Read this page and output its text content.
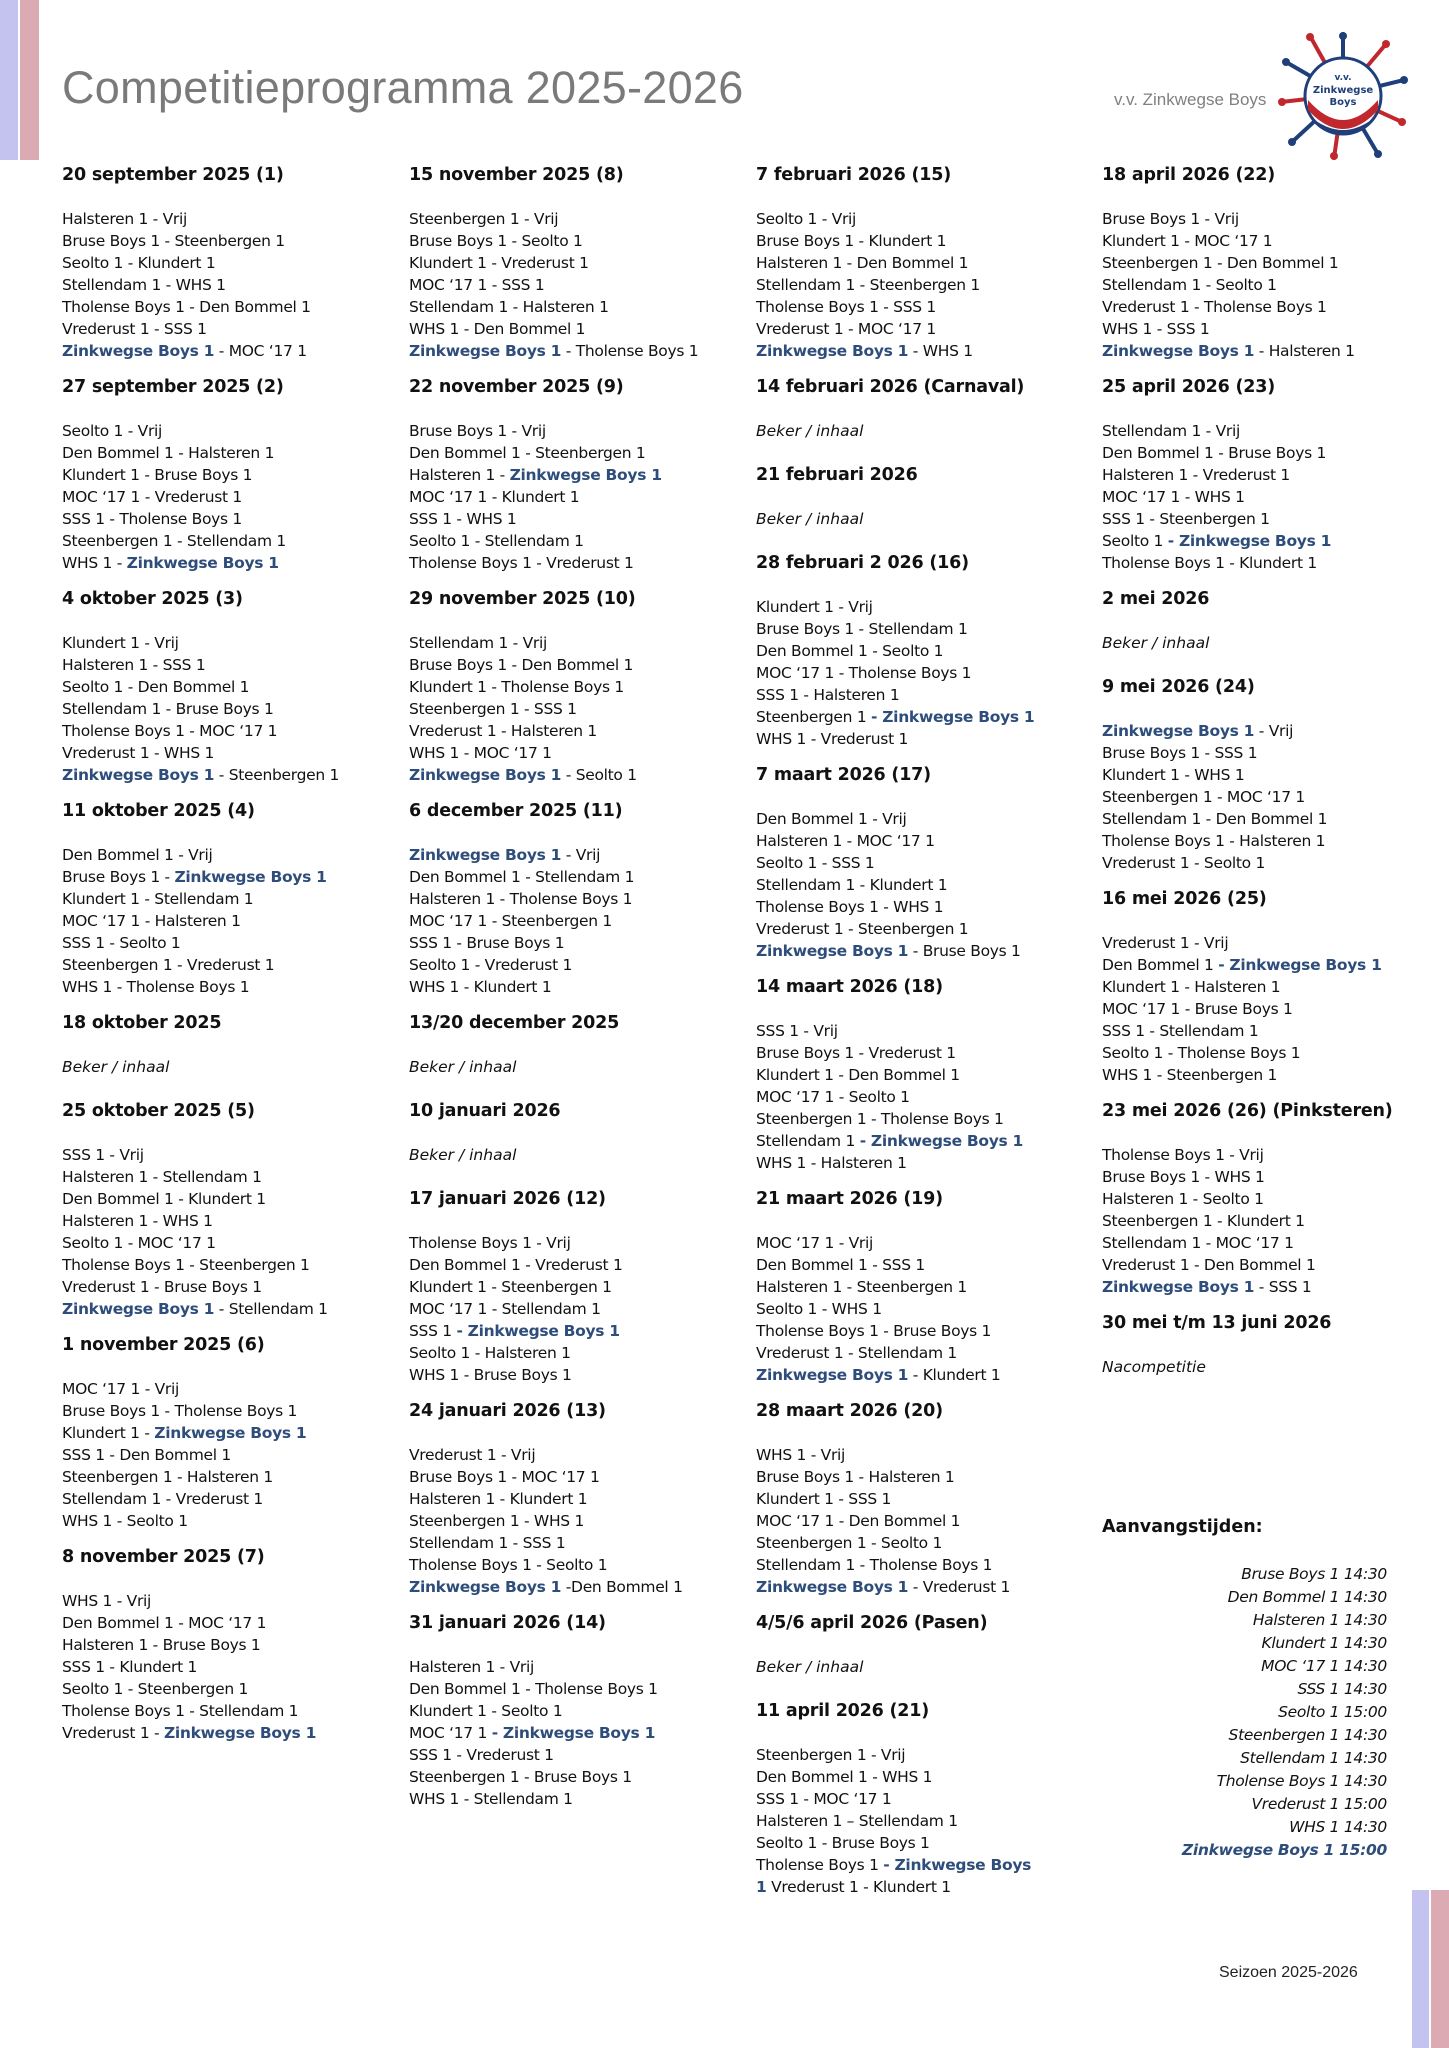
Competitieprogramma 2025-2026	v.v. Zinkwegse Boys
v.v.
Zinkwegse
Boys
20 september 2025 (1)
Halsteren 1 - Vrij
Bruse Boys 1 - Steenbergen 1
Seolto 1 - Klundert 1
Stellendam 1 - WHS 1
Tholense Boys 1 - Den Bommel 1
Vrederust 1 - SSS 1
Zinkwegse Boys 1 - MOC ‘17 1
27 september 2025 (2)
Seolto 1 - Vrij
Den Bommel 1 - Halsteren 1
Klundert 1 - Bruse Boys 1
MOC ‘17 1 - Vrederust 1
SSS 1 - Tholense Boys 1
Steenbergen 1 - Stellendam 1
WHS 1 - Zinkwegse Boys 1
4 oktober 2025 (3)
Klundert 1 - Vrij
Halsteren 1 - SSS 1
Seolto 1 - Den Bommel 1
Stellendam 1 - Bruse Boys 1
Tholense Boys 1 - MOC ‘17 1
Vrederust 1 - WHS 1
Zinkwegse Boys 1 - Steenbergen 1
11 oktober 2025 (4)
Den Bommel 1 - Vrij
Bruse Boys 1 - Zinkwegse Boys 1
Klundert 1 - Stellendam 1
MOC ‘17 1 - Halsteren 1
SSS 1 - Seolto 1
Steenbergen 1 - Vrederust 1
WHS 1 - Tholense Boys 1
18 oktober 2025
Beker / inhaal
25 oktober 2025 (5)
SSS 1 - Vrij
Halsteren 1 - Stellendam 1
Den Bommel 1 - Klundert 1
Halsteren 1 - WHS 1
Seolto 1 - MOC ‘17 1
Tholense Boys 1 - Steenbergen 1
Vrederust 1 - Bruse Boys 1
Zinkwegse Boys 1 - Stellendam 1
1 november 2025 (6)
MOC ‘17 1 - Vrij
Bruse Boys 1 - Tholense Boys 1
Klundert 1 - Zinkwegse Boys 1
SSS 1 - Den Bommel 1
Steenbergen 1 - Halsteren 1
Stellendam 1 - Vrederust 1
WHS 1 - Seolto 1
8 november 2025 (7)
WHS 1 - Vrij
Den Bommel 1 - MOC ‘17 1
Halsteren 1 - Bruse Boys 1
SSS 1 - Klundert 1
Seolto 1 - Steenbergen 1
Tholense Boys 1 - Stellendam 1
Vrederust 1 - Zinkwegse Boys 1
15 november 2025 (8)
Steenbergen 1 - Vrij
Bruse Boys 1 - Seolto 1
Klundert 1 - Vrederust 1
MOC ‘17 1 - SSS 1
Stellendam 1 - Halsteren 1
WHS 1 - Den Bommel 1
Zinkwegse Boys 1 - Tholense Boys 1
22 november 2025 (9)
Bruse Boys 1 - Vrij
Den Bommel 1 - Steenbergen 1
Halsteren 1 - Zinkwegse Boys 1
MOC ‘17 1 - Klundert 1
SSS 1 - WHS 1
Seolto 1 - Stellendam 1
Tholense Boys 1 - Vrederust 1
29 november 2025 (10)
Stellendam 1 - Vrij
Bruse Boys 1 - Den Bommel 1
Klundert 1 - Tholense Boys 1
Steenbergen 1 - SSS 1
Vrederust 1 - Halsteren 1
WHS 1 - MOC ‘17 1
Zinkwegse Boys 1 - Seolto 1
6 december 2025 (11)
Zinkwegse Boys 1 - Vrij
Den Bommel 1 - Stellendam 1
Halsteren 1 - Tholense Boys 1
MOC ‘17 1 - Steenbergen 1
SSS 1 - Bruse Boys 1
Seolto 1 - Vrederust 1
WHS 1 - Klundert 1
13/20 december 2025
Beker / inhaal
10 januari 2026
Beker / inhaal
17 januari 2026 (12)
Tholense Boys 1 - Vrij
Den Bommel 1 - Vrederust 1
Klundert 1 - Steenbergen 1
MOC ‘17 1 - Stellendam 1
SSS 1 - Zinkwegse Boys 1
Seolto 1 - Halsteren 1
WHS 1 - Bruse Boys 1
24 januari 2026 (13)
Vrederust 1 - Vrij
Bruse Boys 1 - MOC ‘17 1
Halsteren 1 - Klundert 1
Steenbergen 1 - WHS 1
Stellendam 1 - SSS 1
Tholense Boys 1 - Seolto 1
Zinkwegse Boys 1 -Den Bommel 1
31 januari 2026 (14)
Halsteren 1 - Vrij
Den Bommel 1 - Tholense Boys 1
Klundert 1 - Seolto 1
MOC ‘17 1 - Zinkwegse Boys 1
SSS 1 - Vrederust 1
Steenbergen 1 - Bruse Boys 1
WHS 1 - Stellendam 1
7 februari 2026 (15)
Seolto 1 - Vrij
Bruse Boys 1 - Klundert 1
Halsteren 1 - Den Bommel 1
Stellendam 1 - Steenbergen 1
Tholense Boys 1 - SSS 1
Vrederust 1 - MOC ‘17 1
Zinkwegse Boys 1 - WHS 1
14 februari 2026 (Carnaval)
Beker / inhaal
21 februari 2026
Beker / inhaal
28 februari 2 026 (16)
Klundert 1 - Vrij
Bruse Boys 1 - Stellendam 1
Den Bommel 1 - Seolto 1
MOC ‘17 1 - Tholense Boys 1
SSS 1 - Halsteren 1
Steenbergen 1 - Zinkwegse Boys 1
WHS 1 - Vrederust 1
7 maart 2026 (17)
Den Bommel 1 - Vrij
Halsteren 1 - MOC ‘17 1
Seolto 1 - SSS 1
Stellendam 1 - Klundert 1
Tholense Boys 1 - WHS 1
Vrederust 1 - Steenbergen 1
Zinkwegse Boys 1 - Bruse Boys 1
14 maart 2026 (18)
SSS 1 - Vrij
Bruse Boys 1 - Vrederust 1
Klundert 1 - Den Bommel 1
MOC ‘17 1 - Seolto 1
Steenbergen 1 - Tholense Boys 1
Stellendam 1 - Zinkwegse Boys 1
WHS 1 - Halsteren 1
21 maart 2026 (19)
MOC ‘17 1 - Vrij
Den Bommel 1 - SSS 1
Halsteren 1 - Steenbergen 1
Seolto 1 - WHS 1
Tholense Boys 1 - Bruse Boys 1
Vrederust 1 - Stellendam 1
Zinkwegse Boys 1 - Klundert 1
28 maart 2026 (20)
WHS 1 - Vrij
Bruse Boys 1 - Halsteren 1
Klundert 1 - SSS 1
MOC ‘17 1 - Den Bommel 1
Steenbergen 1 - Seolto 1
Stellendam 1 - Tholense Boys 1
Zinkwegse Boys 1 - Vrederust 1
4/5/6 april 2026 (Pasen)
Beker / inhaal
11 april 2026 (21)
Steenbergen 1 - Vrij
Den Bommel 1 - WHS 1
SSS 1 - MOC ‘17 1
Halsteren 1 – Stellendam 1
Seolto 1 - Bruse Boys 1
Tholense Boys 1 - Zinkwegse Boys
1 Vrederust 1 - Klundert 1
18 april 2026 (22)
Bruse Boys 1 - Vrij
Klundert 1 - MOC ‘17 1
Steenbergen 1 - Den Bommel 1
Stellendam 1 - Seolto 1
Vrederust 1 - Tholense Boys 1
WHS 1 - SSS 1
Zinkwegse Boys 1 - Halsteren 1
25 april 2026 (23)
Stellendam 1 - Vrij
Den Bommel 1 - Bruse Boys 1
Halsteren 1 - Vrederust 1
MOC ‘17 1 - WHS 1
SSS 1 - Steenbergen 1
Seolto 1 - Zinkwegse Boys 1
Tholense Boys 1 - Klundert 1
2 mei 2026
Beker / inhaal
9 mei 2026 (24)
Zinkwegse Boys 1 - Vrij
Bruse Boys 1 - SSS 1
Klundert 1 - WHS 1
Steenbergen 1 - MOC ‘17 1
Stellendam 1 - Den Bommel 1
Tholense Boys 1 - Halsteren 1
Vrederust 1 - Seolto 1
16 mei 2026 (25)
Vrederust 1 - Vrij
Den Bommel 1 - Zinkwegse Boys 1
Klundert 1 - Halsteren 1
MOC ‘17 1 - Bruse Boys 1
SSS 1 - Stellendam 1
Seolto 1 - Tholense Boys 1
WHS 1 - Steenbergen 1
23 mei 2026 (26) (Pinksteren)
Tholense Boys 1 - Vrij
Bruse Boys 1 - WHS 1
Halsteren 1 - Seolto 1
Steenbergen 1 - Klundert 1
Stellendam 1 - MOC ‘17 1
Vrederust 1 - Den Bommel 1
Zinkwegse Boys 1 - SSS 1
30 mei t/m 13 juni 2026
Nacompetitie
Aanvangstijden:
Bruse Boys 1 14:30
Den Bommel 1 14:30
Halsteren 1 14:30
Klundert 1 14:30
MOC ‘17 1 14:30
SSS 1 14:30
Seolto 1 15:00
Steenbergen 1 14:30
Stellendam 1 14:30
Tholense Boys 1 14:30
Vrederust 1 15:00
WHS 1 14:30
Zinkwegse Boys 1 15:00
Seizoen 2025-2026
